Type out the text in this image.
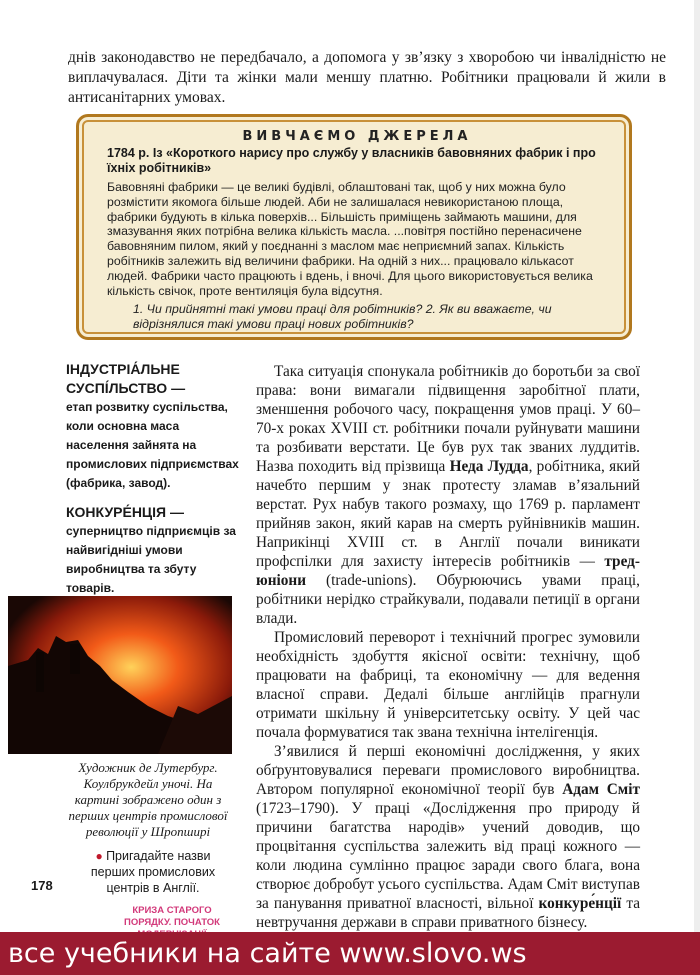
днів законодавство не передбачало, а допомога у зв’язку з хворобою чи інвалідністю не виплачувалася. Діти та жінки мали меншу платню. Робітники працювали й жили в антисанітарних умовах.

ВИВЧАЄМО ДЖЕРЕЛА

1784 р. Із «Короткого нарису про службу у власників бавовняних фабрик і про їхніх робітників»

Бавовняні фабрики — це великі будівлі, облаштовані так, щоб у них можна було розмістити якомога більше людей. Аби не залишалася невикористаною площа, фабрики будують в кілька поверхів... Більшість приміщень займають машини, для змазування яких потрібна велика кількість масла. ...повітря постійно перенасичене бавовняним пилом, який у поєднанні з маслом має неприємний запах. Кількість робітників залежить від величини фабрики. На одній з них... працювало кількасот людей. Фабрики часто працюють і вдень, і вночі. Для цього використовується велика кількість свічок, проте вентиляція була відсутня.

1. Чи прийнятні такі умови праці для робітників? 2. Як ви вважаєте, чи відрізнялися такі умови праці нових робітників?

ІНДУСТРІА́ЛЬНЕ СУСПІ́ЛЬСТВО —

етап розвитку суспільства, коли основна маса населення зайнята на промислових підприємствах (фабрика, завод).

КОНКУРЕ́НЦІЯ —

суперництво підприємців за найвигідніші умови виробництва та збуту товарів.

Художник де Лутербург. Коулбрукдейл уночі. На картині зображено один з перших центрів промислової революції у Шропширі

● Пригадайте назви перших промислових центрів в Англії.

178
КРИЗА СТАРОГО ПОРЯДКУ. ПОЧАТОК

Така ситуація спонукала робітників до боротьби за свої права: вони вимагали підвищення заробітної плати, зменшення робочого часу, покращення умов праці. У 60–70-х роках XVIII ст. робітники почали руйнувати машини та розбивати верстати. Це був рух так званих луддитів. Назва походить від прізвища Неда Лудда, робітника, який начебто першим у знак протесту зламав в’язальний верстат. Рух набув такого розмаху, що 1769 р. парламент прийняв закон, який карав на смерть руйнівників машин. Наприкінці XVIII ст. в Англії почали виникати профспілки для захисту інтересів робітників — тред-юніони (trade-unions). Обурюючись увами праці, робітники нерідко страйкували, подавали петиції в органи влади.

Промисловий переворот і технічний прогрес зумовили необхідність здобуття якісної освіти: технічну, щоб працювати на фабриці, та економічну — для ведення власної справи. Дедалі більше англійців прагнули отримати шкільну й університетську освіту. У цей час почала формуватися так звана технічна інтелігенція.

З’явилися й перші економічні дослідження, у яких обґрунтовувалися переваги промислового виробництва. Автором популярної економічної теорії був Адам Сміт (1723–1790). У праці «Дослідження про природу й причини багатства народів» учений доводив, що процвітання суспільства залежить від праці кожного — коли людина сумлінно працює заради свого блага, вона створює добробут усього суспільства. Адам Сміт виступав за панування приватної власності, вільної конкуре́нції та невтручання держави в справи приватного бізнесу.

все учебники на сайте www.slovo.ws
